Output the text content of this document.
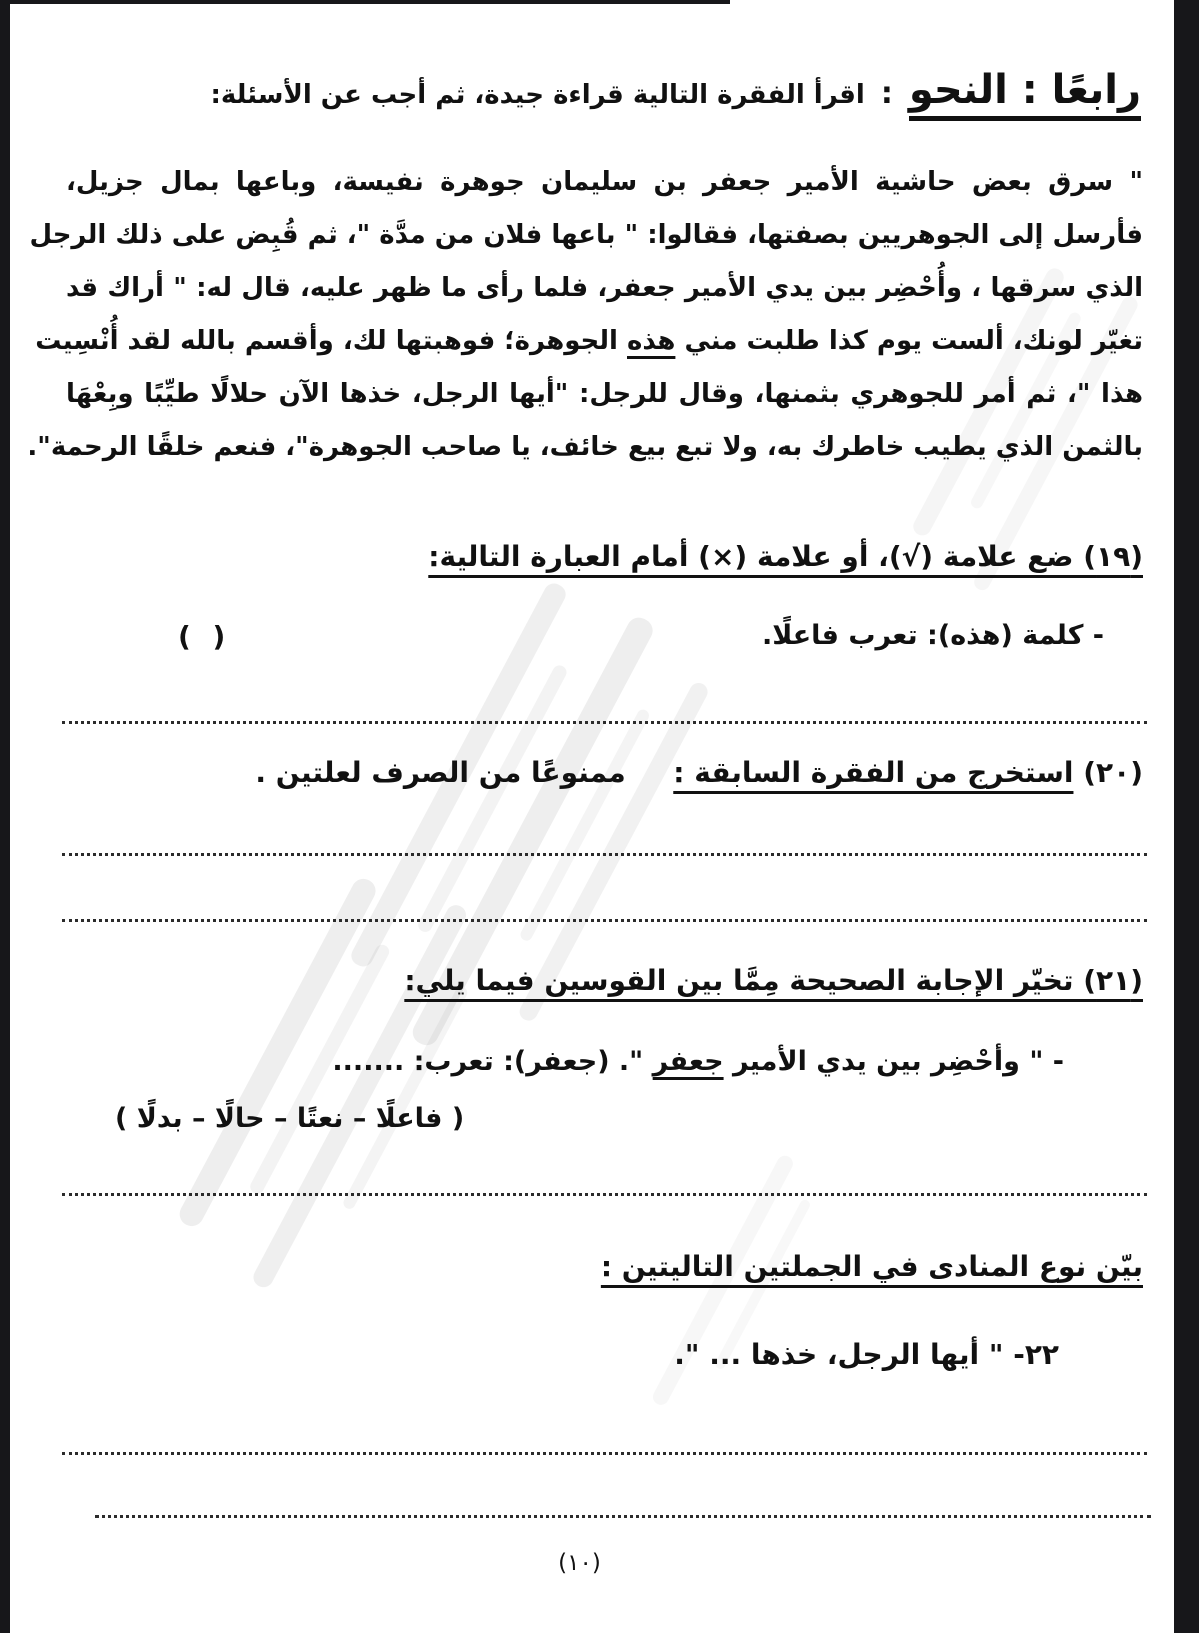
رابعًا : النحو
:
اقرأ الفقرة التالية قراءة جيدة، ثم أجب عن الأسئلة:
" سرق بعض حاشية الأمير جعفر بن سليمان جوهرة نفيسة، وباعها بمال جزيل،
فأرسل إلى الجوهريين بصفتها، فقالوا: " باعها فلان من مدَّة "، ثم قُبِض على ذلك الرجل
الذي سرقها ، وأُحْضِر بين يدي الأمير جعفر، فلما رأى ما ظهر عليه، قال له: " أراك قد
تغيّر لونك، ألست يوم كذا طلبت مني هذه الجوهرة؛ فوهبتها لك، وأقسم بالله لقد أُنْسِيت
هذا "، ثم أمر للجوهري بثمنها، وقال للرجل: "أيها الرجل، خذها الآن حلالًا طيِّبًا وبِعْهَا
بالثمن الذي يطيب خاطرك به، ولا تبع بيع خائف، يا صاحب الجوهرة"، فنعم خلقًا الرحمة".
(١٩) ضع علامة (√)، أو علامة (×) أمام العبارة التالية:
- كلمة (هذه): تعرب فاعلًا.
( )
(٢٠) استخرج من الفقرة السابقة :  ممنوعًا من الصرف لعلتين .
(٢١) تخيّر الإجابة الصحيحة مِمَّا بين القوسين فيما يلي:
- " وأحْضِر بين يدي الأمير جعفر ". (جعفر): تعرب: .......
( فاعلًا – نعتًا – حالًا – بدلًا )
بيّن نوع المنادى في الجملتين التاليتين :
٢٢- " أيها الرجل، خذها ... ".
(١٠)
